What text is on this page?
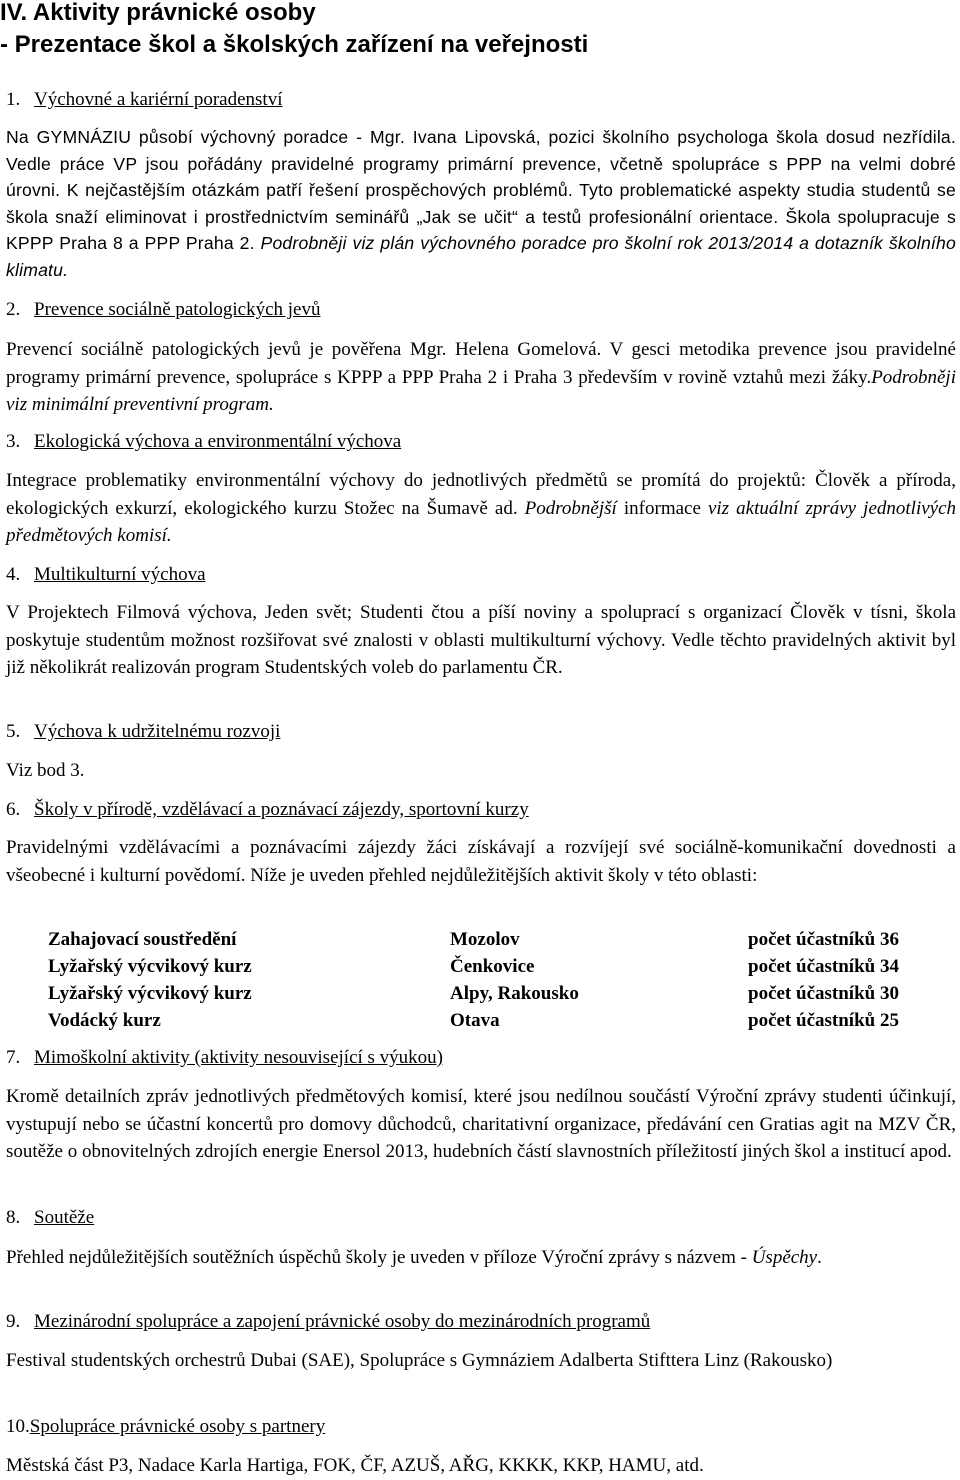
IV. Aktivity právnické osoby
- Prezentace škol a školských zařízení na veřejnosti
1. Výchovné a kariérní poradenství

Na GYMNÁZIU působí výchovný poradce - Mgr. Ivana Lipovská, pozici školního psychologa škola dosud nezřídila. Vedle práce VP jsou pořádány pravidelné programy primární prevence, včetně spolupráce s PPP na velmi dobré úrovni. K nejčastějším otázkám patří řešení prospěchových problémů. Tyto problematické aspekty studia studentů se škola snaží eliminovat i prostřednictvím seminářů „Jak se učit“ a testů profesionální orientace. Škola spolupracuje s KPPP Praha 8 a PPP Praha 2. Podrobněji viz plán výchovného poradce pro školní rok 2013/2014 a dotazník školního klimatu.

2. Prevence sociálně patologických jevů

Prevencí sociálně patologických jevů je pověřena Mgr. Helena Gomelová. V gesci metodika prevence jsou pravidelné programy primární prevence, spolupráce s KPPP a PPP Praha 2 i Praha 3 především v rovině vztahů mezi žáky.Podrobněji viz minimální preventivní program.

3. Ekologická výchova a environmentální výchova

Integrace problematiky environmentální výchovy do jednotlivých předmětů se promítá do projektů: Člověk a příroda, ekologických exkurzí, ekologického kurzu Stožec na Šumavě ad. Podrobnější informace viz aktuální zprávy jednotlivých předmětových komisí.

4. Multikulturní výchova

V Projektech Filmová výchova, Jeden svět; Studenti čtou a píší noviny a spoluprací s organizací Člověk v tísni, škola poskytuje studentům možnost rozšiřovat své znalosti v oblasti multikulturní výchovy. Vedle těchto pravidelných aktivit byl již několikrát realizován program Studentských voleb do parlamentu ČR.

5. Výchova k udržitelnému rozvoji

Viz bod 3.

6. Školy v přírodě, vzdělávací a poznávací zájezdy, sportovní kurzy

Pravidelnými vzdělávacími a poznávacími zájezdy žáci získávají a rozvíjejí své sociálně-komunikační dovednosti a všeobecné i kulturní povědomí. Níže je uveden přehled nejdůležitějších aktivit školy v této oblasti:

Zahajovací soustředění	Mozolov	počet účastníků 36
Lyžařský výcvikový kurz	Čenkovice	počet účastníků 34
Lyžařský výcvikový kurz	Alpy, Rakousko	počet účastníků 30
Vodácký kurz	Otava	počet účastníků 25
7. Mimoškolní aktivity (aktivity nesouvisející s výukou)

Kromě detailních zpráv jednotlivých předmětových komisí, které jsou nedílnou součástí Výroční zprávy studenti účinkují, vystupují nebo se účastní koncertů pro domovy důchodců, charitativní organizace, předávání cen Gratias agit na MZV ČR, soutěže o obnovitelných zdrojích energie Enersol 2013, hudebních částí slavnostních příležitostí jiných škol a institucí apod.

8. Soutěže

Přehled nejdůležitějších soutěžních úspěchů školy je uveden v příloze Výroční zprávy s názvem - Úspěchy.

9. Mezinárodní spolupráce a zapojení právnické osoby do mezinárodních programů

Festival studentských orchestrů Dubai (SAE), Spolupráce s Gymnáziem Adalberta Stifttera Linz (Rakousko)

10.Spolupráce právnické osoby s partnery

Městská část P3, Nadace Karla Hartiga, FOK, ČF, AZUŠ, AŘG, KKKK, KKP, HAMU, atd.
